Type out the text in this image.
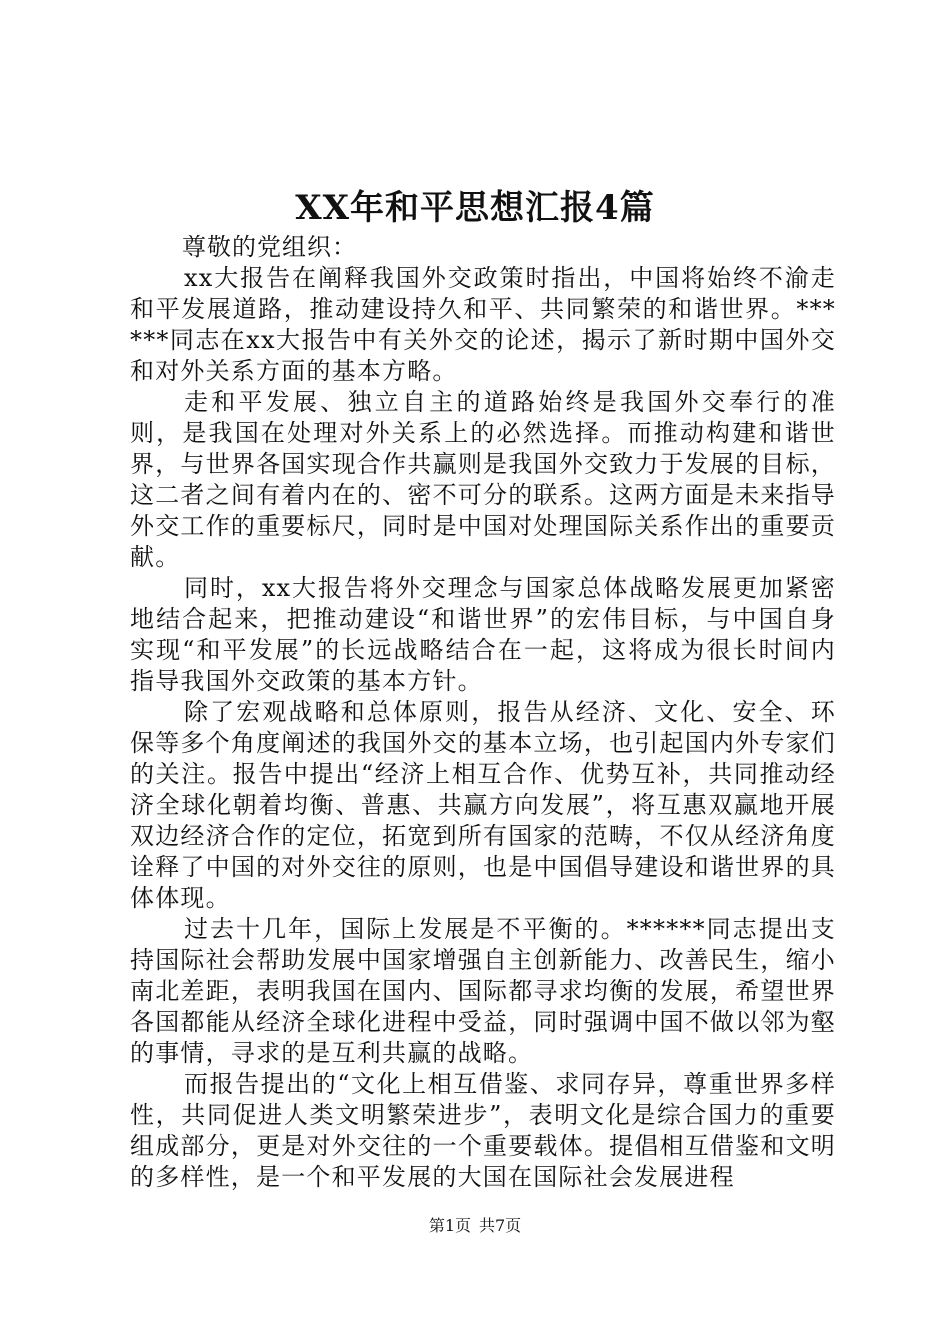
XX年和平思想汇报4篇

尊敬的党组织：

xx大报告在阐释我国外交政策时指出，中国将始终不渝走和平发展道路，推动建设持久和平、共同繁荣的和谐世界。******同志在xx大报告中有关外交的论述，揭示了新时期中国外交和对外关系方面的基本方略。

走和平发展、独立自主的道路始终是我国外交奉行的准则，是我国在处理对外关系上的必然选择。而推动构建和谐世界，与世界各国实现合作共赢则是我国外交致力于发展的目标，这二者之间有着内在的、密不可分的联系。这两方面是未来指导外交工作的重要标尺，同时是中国对处理国际关系作出的重要贡献。

同时，xx大报告将外交理念与国家总体战略发展更加紧密地结合起来，把推动建设“和谐世界”的宏伟目标，与中国自身实现“和平发展”的长远战略结合在一起，这将成为很长时间内指导我国外交政策的基本方针。

除了宏观战略和总体原则，报告从经济、文化、安全、环保等多个角度阐述的我国外交的基本立场，也引起国内外专家们的关注。报告中提出“经济上相互合作、优势互补，共同推动经济全球化朝着均衡、普惠、共赢方向发展”，将互惠双赢地开展双边经济合作的定位，拓宽到所有国家的范畴，不仅从经济角度诠释了中国的对外交往的原则，也是中国倡导建设和谐世界的具体体现。

过去十几年，国际上发展是不平衡的。******同志提出支持国际社会帮助发展中国家增强自主创新能力、改善民生，缩小南北差距，表明我国在国内、国际都寻求均衡的发展，希望世界各国都能从经济全球化进程中受益，同时强调中国不做以邻为壑的事情，寻求的是互利共赢的战略。

而报告提出的“文化上相互借鉴、求同存异，尊重世界多样性，共同促进人类文明繁荣进步”，表明文化是综合国力的重要组成部分，更是对外交往的一个重要载体。提倡相互借鉴和文明的多样性，是一个和平发展的大国在国际社会发展进程

第1页 共7页
